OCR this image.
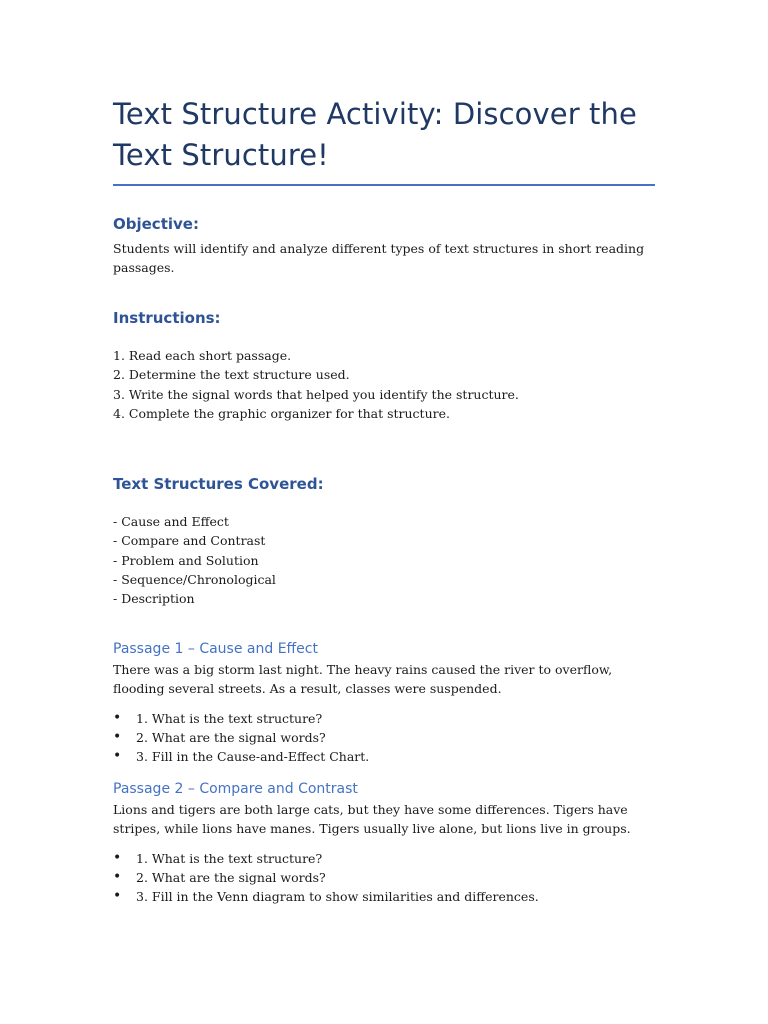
Text Structure Activity: Discover the Text Structure!
Objective:

Students will identify and analyze different types of text structures in short reading passages.

Instructions:
1. Read each short passage.
2. Determine the text structure used.
3. Write the signal words that helped you identify the structure.
4. Complete the graphic organizer for that structure.
Text Structures Covered:
- Cause and Effect
- Compare and Contrast
- Problem and Solution
- Sequence/Chronological
- Description
Passage 1 – Cause and Effect

There was a big storm last night. The heavy rains caused the river to overflow, flooding several streets. As a result, classes were suspended.

• 1. What is the text structure?
• 2. What are the signal words?
• 3. Fill in the Cause-and-Effect Chart.
Passage 2 – Compare and Contrast

Lions and tigers are both large cats, but they have some differences. Tigers have stripes, while lions have manes. Tigers usually live alone, but lions live in groups.

• 1. What is the text structure?
• 2. What are the signal words?
• 3. Fill in the Venn diagram to show similarities and differences.
